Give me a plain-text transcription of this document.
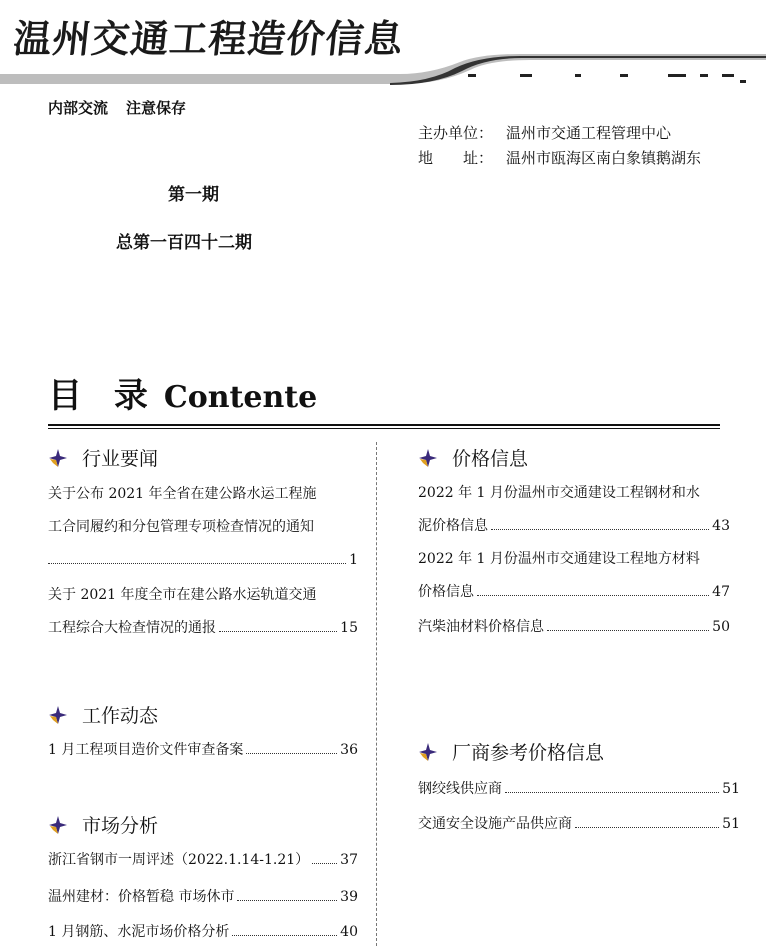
温州交通工程造价信息
内部交流 注意保存
主办单位： 温州市交通工程管理中心
地　　址： 温州市瓯海区南白象镇鹅湖东
第一期
总第一百四十二期
目 录 Contente
行业要闻
关于公布 2021 年全省在建公路水运工程施
工合同履约和分包管理专项检查情况的通知
1
关于 2021 年度全市在建公路水运轨道交通
工程综合大检查情况的通报	15
工作动态
1 月工程项目造价文件审查备案	36
市场分析
浙江省钢市一周评述（2022.1.14-1.21） 37
温州建材：价格暂稳 市场休市	39
1 月钢筋、水泥市场价格分析	40
价格信息
2022 年 1 月份温州市交通建设工程钢材和水
泥价格信息	43
2022 年 1 月份温州市交通建设工程地方材料
价格信息	47
汽柴油材料价格信息	50
厂商参考价格信息
钢绞线供应商	51
交通安全设施产品供应商	51
